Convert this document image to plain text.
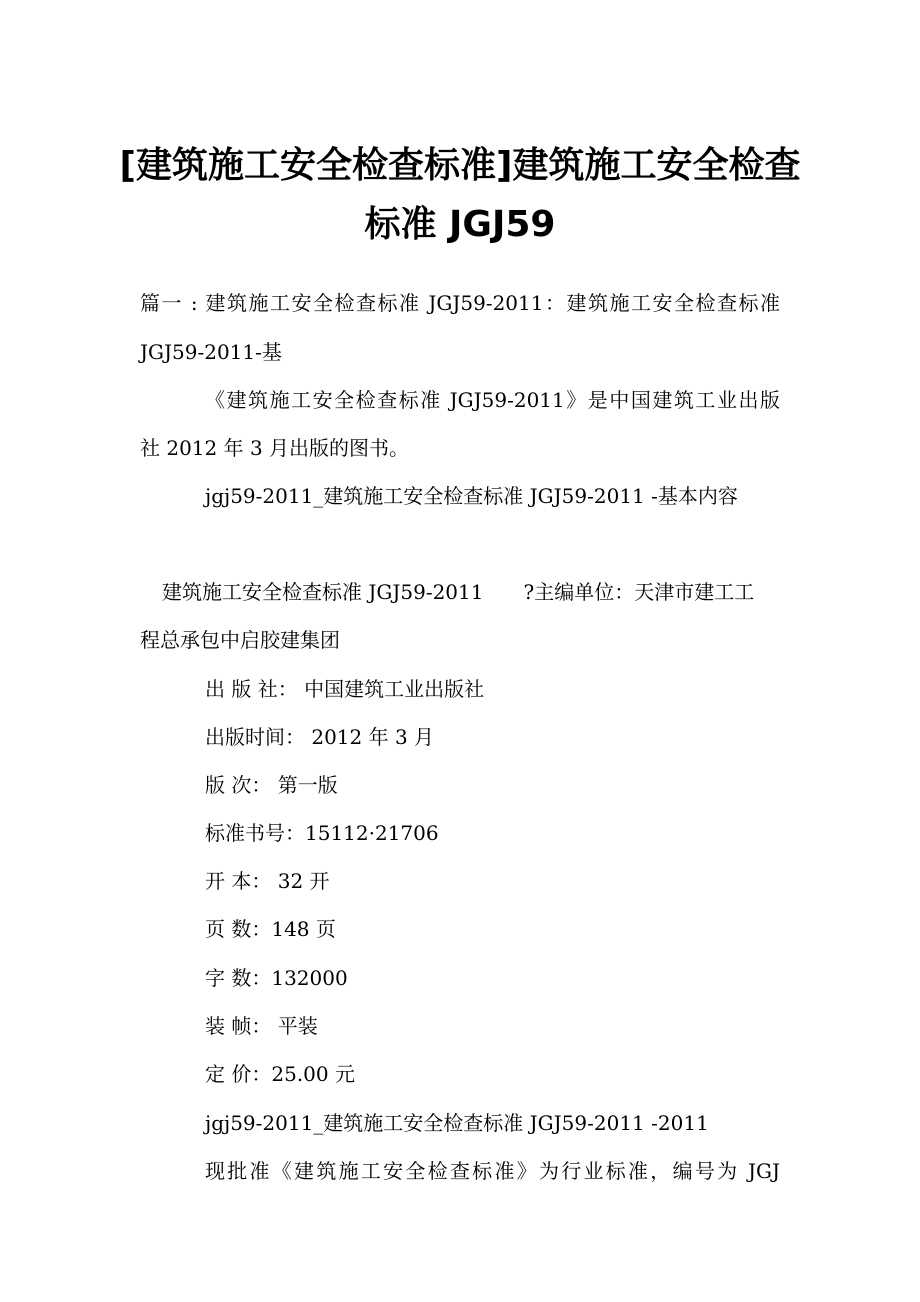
[建筑施工安全检查标准]建筑施工安全检查
标准 JGJ59
篇一 : 建筑施工安全检查标准 JGJ59-2011：建筑施工安全检查标准
JGJ59-2011-基
《建筑施工安全检查标准 JGJ59-2011》是中国建筑工业出版
社 2012 年 3 月出版的图书。
jgj59-2011_建筑施工安全检查标准 JGJ59-2011 -基本内容
建筑施工安全检查标准 JGJ59-2011　　?主编单位：天津市建工工
程总承包中启胶建集团
出 版 社： 中国建筑工业出版社
出版时间： 2012 年 3 月
版 次： 第一版
标准书号：15112·21706
开 本： 32 开
页 数：148 页
字 数：132000
装 帧： 平装
定 价：25.00 元
jgj59-2011_建筑施工安全检查标准 JGJ59-2011 -2011
现批准《建筑施工安全检查标准》为行业标准，编号为 JGJ
